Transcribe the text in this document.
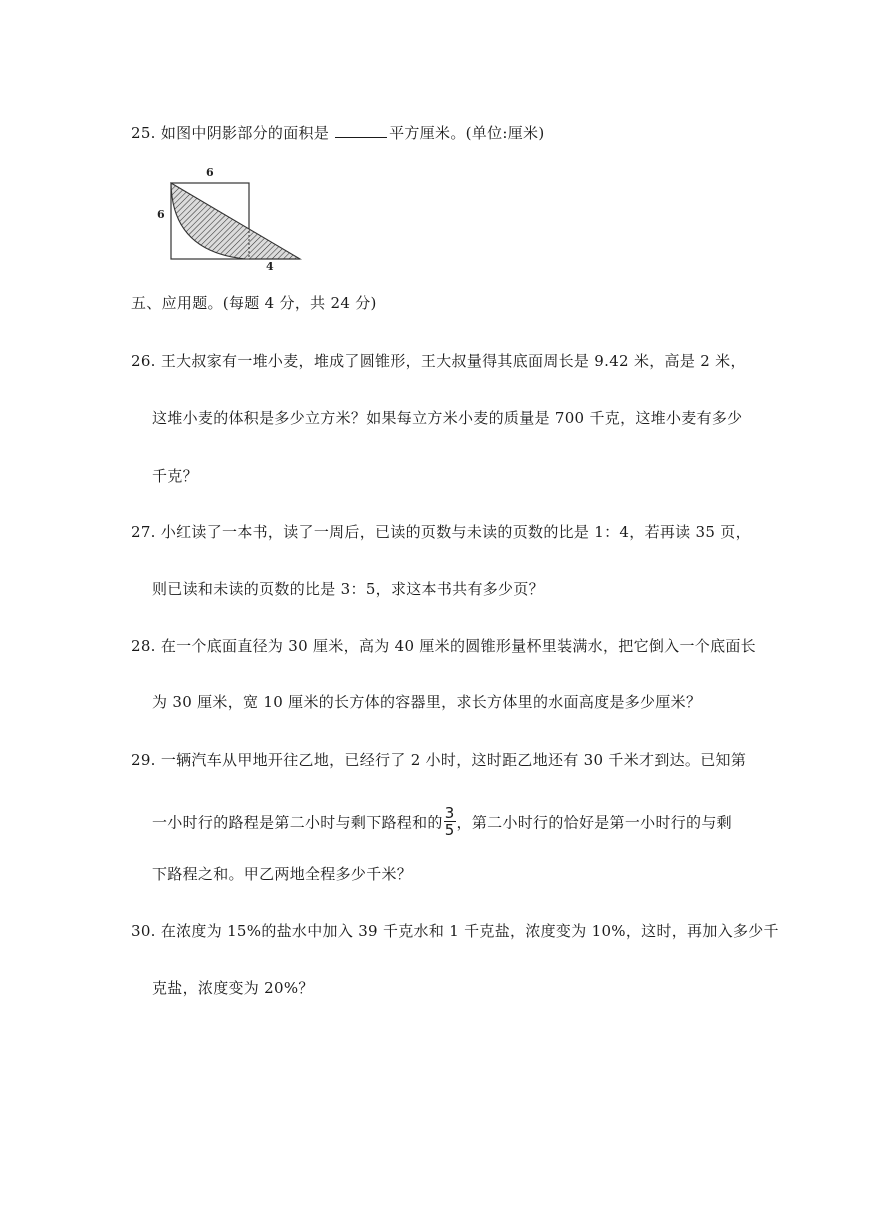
25. 如图中阴影部分的面积是	平方厘米。(单位:厘米)
6
6
4
五、应用题。(每题 4 分，共 24 分)
26. 王大叔家有一堆小麦，堆成了圆锥形，王大叔量得其底面周长是 9.42 米，高是 2 米，
这堆小麦的体积是多少立方米？如果每立方米小麦的质量是 700 千克，这堆小麦有多少
千克？
27. 小红读了一本书，读了一周后，已读的页数与未读的页数的比是 1：4，若再读 35 页，
则已读和未读的页数的比是 3：5，求这本书共有多少页？
28. 在一个底面直径为 30 厘米，高为 40 厘米的圆锥形量杯里装满水，把它倒入一个底面长
为 30 厘米，宽 10 厘米的长方体的容器里，求长方体里的水面高度是多少厘米？
29. 一辆汽车从甲地开往乙地，已经行了 2 小时，这时距乙地还有 30 千米才到达。已知第
一小时行的路程是第二小时与剩下路程和的 $\frac{3}{5}$ ，第二小时行的恰好是第一小时行的与剩
下路程之和。甲乙两地全程多少千米？
30. 在浓度为 15%的盐水中加入 39 千克水和 1 千克盐，浓度变为 10%，这时，再加入多少千
克盐，浓度变为 20%？
